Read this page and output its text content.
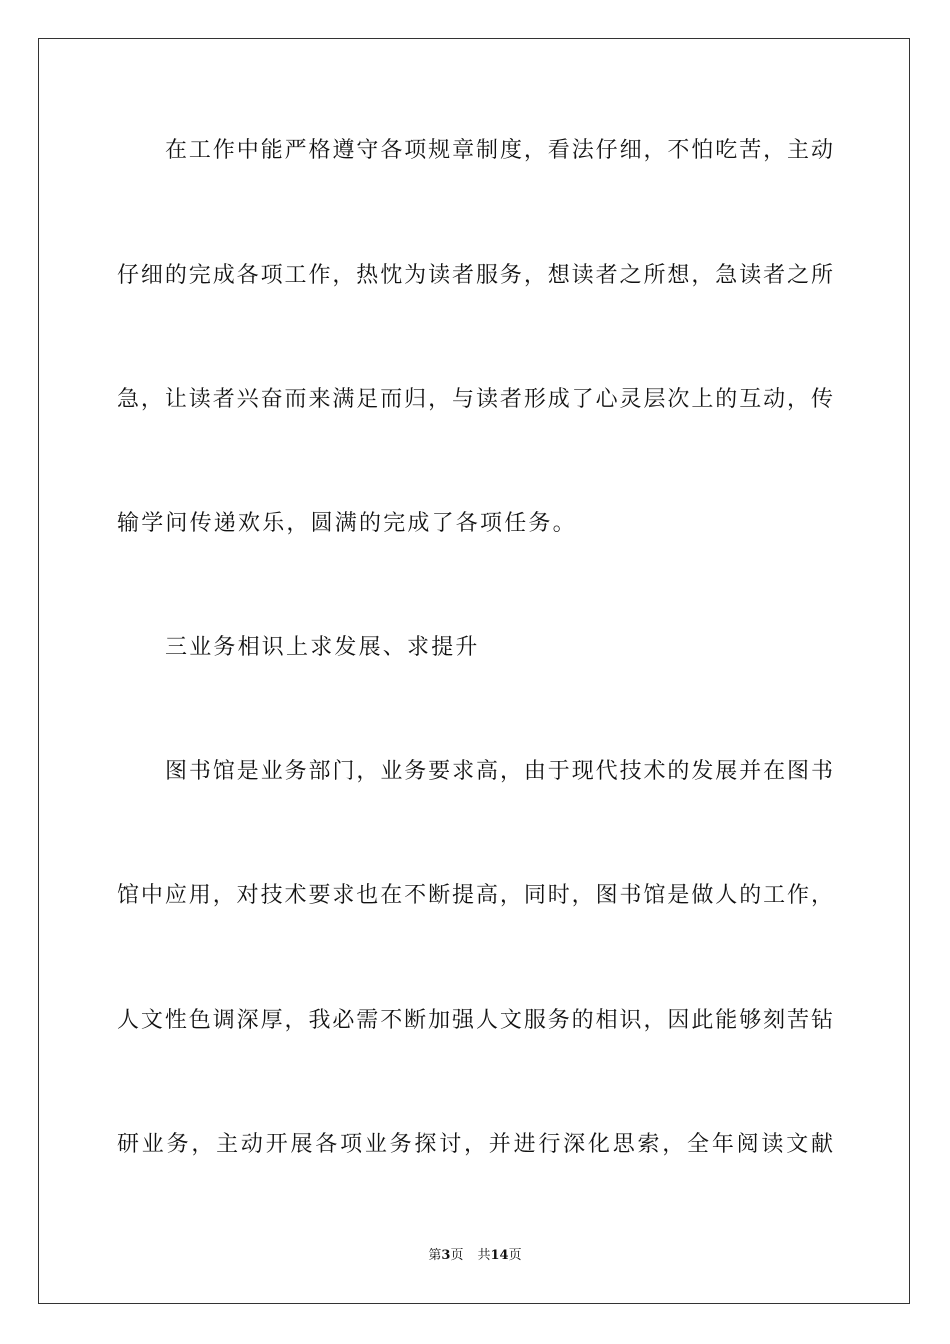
在工作中能严格遵守各项规章制度，看法仔细，不怕吃苦，主动
仔细的完成各项工作，热忱为读者服务，想读者之所想，急读者之所
急，让读者兴奋而来满足而归，与读者形成了心灵层次上的互动，传
输学问传递欢乐，圆满的完成了各项任务。
三业务相识上求发展、求提升
图书馆是业务部门，业务要求高，由于现代技术的发展并在图书
馆中应用，对技术要求也在不断提高，同时，图书馆是做人的工作，
人文性色调深厚，我必需不断加强人文服务的相识，因此能够刻苦钻
研业务，主动开展各项业务探讨，并进行深化思索，全年阅读文献
第3页 共14页
